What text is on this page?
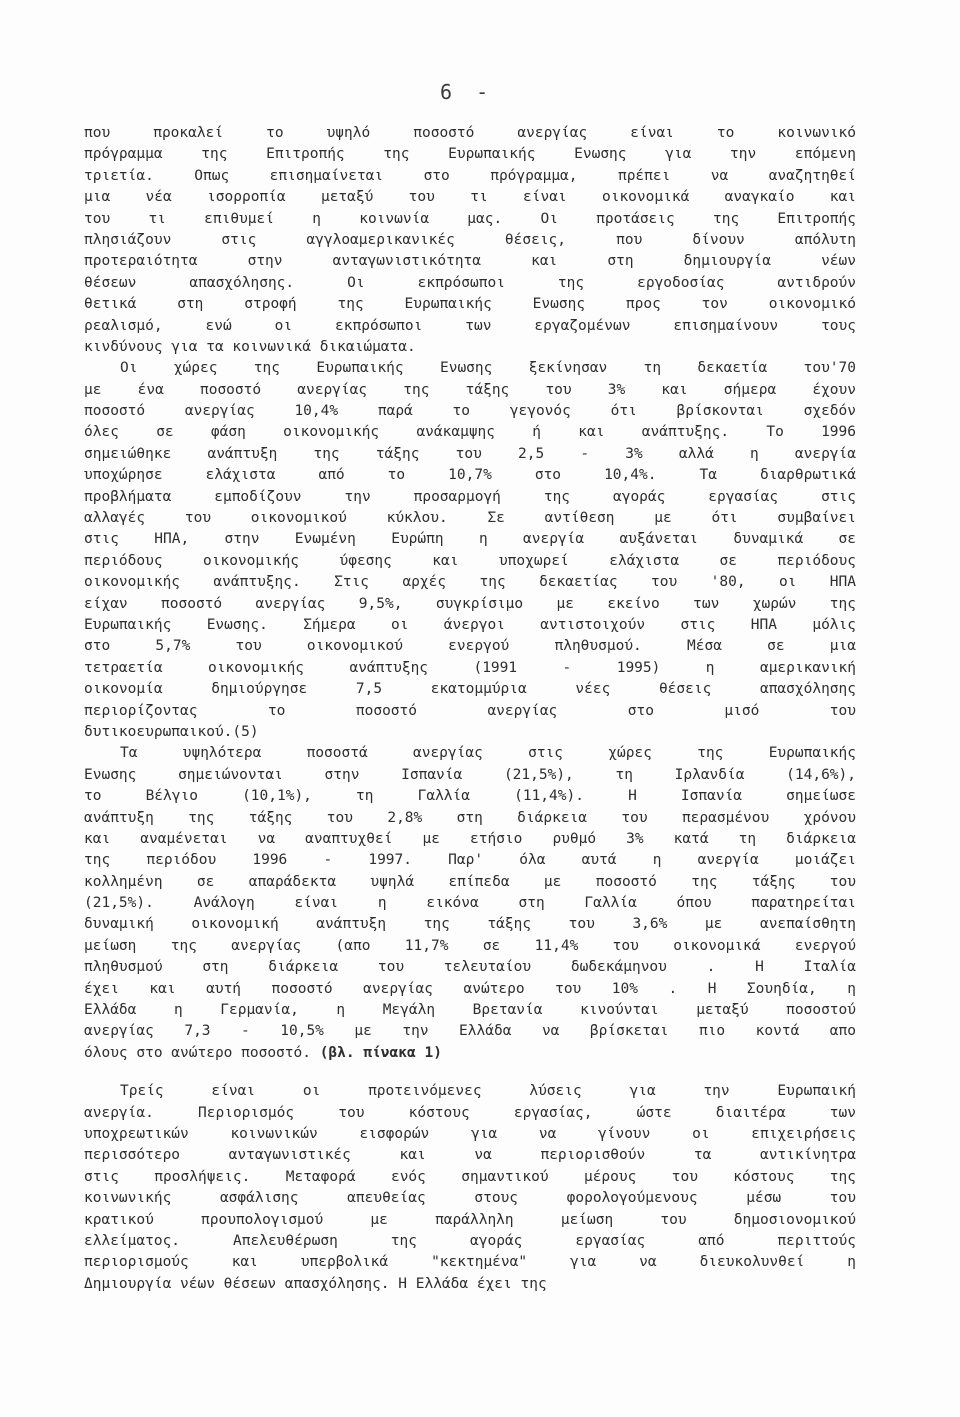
6 -
που προκαλεί το υψηλό ποσοστό ανεργίας είναι το κοινωνικό
πρόγραμμα της Επιτροπής της Ευρωπαικής Ενωσης για την επόμενη
τριετία. Οπως επισημαίνεται στο πρόγραμμα, πρέπει να αναζητηθεί
μια νέα ισορροπία μεταξύ του τι είναι οικονομικά αναγκαίο και
του τι επιθυμεί η κοινωνία μας. Οι προτάσεις της Επιτροπής
πλησιάζουν στις αγγλοαμερικανικές θέσεις, που δίνουν απόλυτη
προτεραιότητα στην ανταγωνιστικότητα και στη δημιουργία νέων
θέσεων απασχόλησης. Οι εκπρόσωποι της εργοδοσίας αντιδρούν
θετικά στη στροφή της Ευρωπαικής Ενωσης προς τον οικονομικό
ρεαλισμό, ενώ οι εκπρόσωποι των εργαζομένων επισημαίνουν τους
κινδύνους για τα κοινωνικά δικαιώματα.
Οι χώρες της Ευρωπαικής Ενωσης ξεκίνησαν τη δεκαετία του'70
με ένα ποσοστό ανεργίας της τάξης του 3% και σήμερα έχουν
ποσοστό ανεργίας 10,4% παρά το γεγονός ότι βρίσκονται σχεδόν
όλες σε φάση οικονομικής ανάκαμψης ή και ανάπτυξης. Το 1996
σημειώθηκε ανάπτυξη της τάξης του 2,5 - 3% αλλά η ανεργία
υποχώρησε ελάχιστα από το 10,7% στο 10,4%. Τα διαρθρωτικά
προβλήματα εμποδίζουν την προσαρμογή της αγοράς εργασίας στις
αλλαγές του οικονομικού κύκλου. Σε αντίθεση με ότι συμβαίνει
στις ΗΠΑ, στην Ενωμένη Ευρώπη η ανεργία αυξάνεται δυναμικά σε
περιόδους οικονομικής ύφεσης και υποχωρεί ελάχιστα σε περιόδους
οικονομικής ανάπτυξης. Στις αρχές της δεκαετίας του '80, οι ΗΠΑ
είχαν ποσοστό ανεργίας 9,5%, συγκρίσιμο με εκείνο των χωρών της
Ευρωπαικής Ενωσης. Σήμερα οι άνεργοι αντιστοιχούν στις ΗΠΑ μόλις
στο 5,7% του οικονομικού ενεργού πληθυσμού. Μέσα σε μια
τετραετία οικονομικής ανάπτυξης (1991 - 1995) η αμερικανική
οικονομία δημιούργησε 7,5 εκατομμύρια νέες θέσεις απασχόλησης
περιορίζοντας το ποσοστό ανεργίας στο μισό του
δυτικοευρωπαικού.(5)
Τα υψηλότερα ποσοστά ανεργίας στις χώρες της Ευρωπαικής
Ενωσης σημειώνονται στην Ισπανία (21,5%), τη Ιρλανδία (14,6%),
το Βέλγιο (10,1%), τη Γαλλία (11,4%). Η Ισπανία σημείωσε
ανάπτυξη της τάξης του 2,8% στη διάρκεια του περασμένου χρόνου
και αναμένεται να αναπτυχθεί με ετήσιο ρυθμό 3% κατά τη διάρκεια
της περιόδου 1996 - 1997. Παρ' όλα αυτά η ανεργία μοιάζει
κολλημένη σε απαράδεκτα υψηλά επίπεδα με ποσοστό της τάξης του
(21,5%). Ανάλογη είναι η εικόνα στη Γαλλία όπου παρατηρείται
δυναμική οικονομική ανάπτυξη της τάξης του 3,6% με ανεπαίσθητη
μείωση της ανεργίας (απο 11,7% σε 11,4% του οικονομικά ενεργού
πληθυσμού στη διάρκεια του τελευταίου δωδεκάμηνου . Η Ιταλία
έχει και αυτή ποσοστό ανεργίας ανώτερο του 10% . Η Σουηδία, η
Ελλάδα η Γερμανία, η Μεγάλη Βρετανία κινούνται μεταξύ ποσοστού
ανεργίας 7,3 - 10,5% με την Ελλάδα να βρίσκεται πιο κοντά απο
όλους στο ανώτερο ποσοστό. (βλ. πίνακα 1)
Τρείς είναι οι προτεινόμενες λύσεις για την Ευρωπαική
ανεργία. Περιορισμός του κόστους εργασίας, ώστε διαιτέρα των
υποχρεωτικών κοινωνικών εισφορών για να γίνουν οι επιχειρήσεις
περισσότερο ανταγωνιστικές και να περιορισθούν τα αντικίνητρα
στις προσλήψεις. Μεταφορά ενός σημαντικού μέρους του κόστους της
κοινωνικής ασφάλισης απευθείας στους φορολογούμενους μέσω του
κρατικού προυπολογισμού με παράλληλη μείωση του δημοσιονομικού
ελλείματος. Απελευθέρωση της αγοράς εργασίας από περιττούς
περιορισμούς και υπερβολικά "κεκτημένα" για να διευκολυνθεί η
Δημιουργία νέων θέσεων απασχόλησης. Η Ελλάδα έχει της
